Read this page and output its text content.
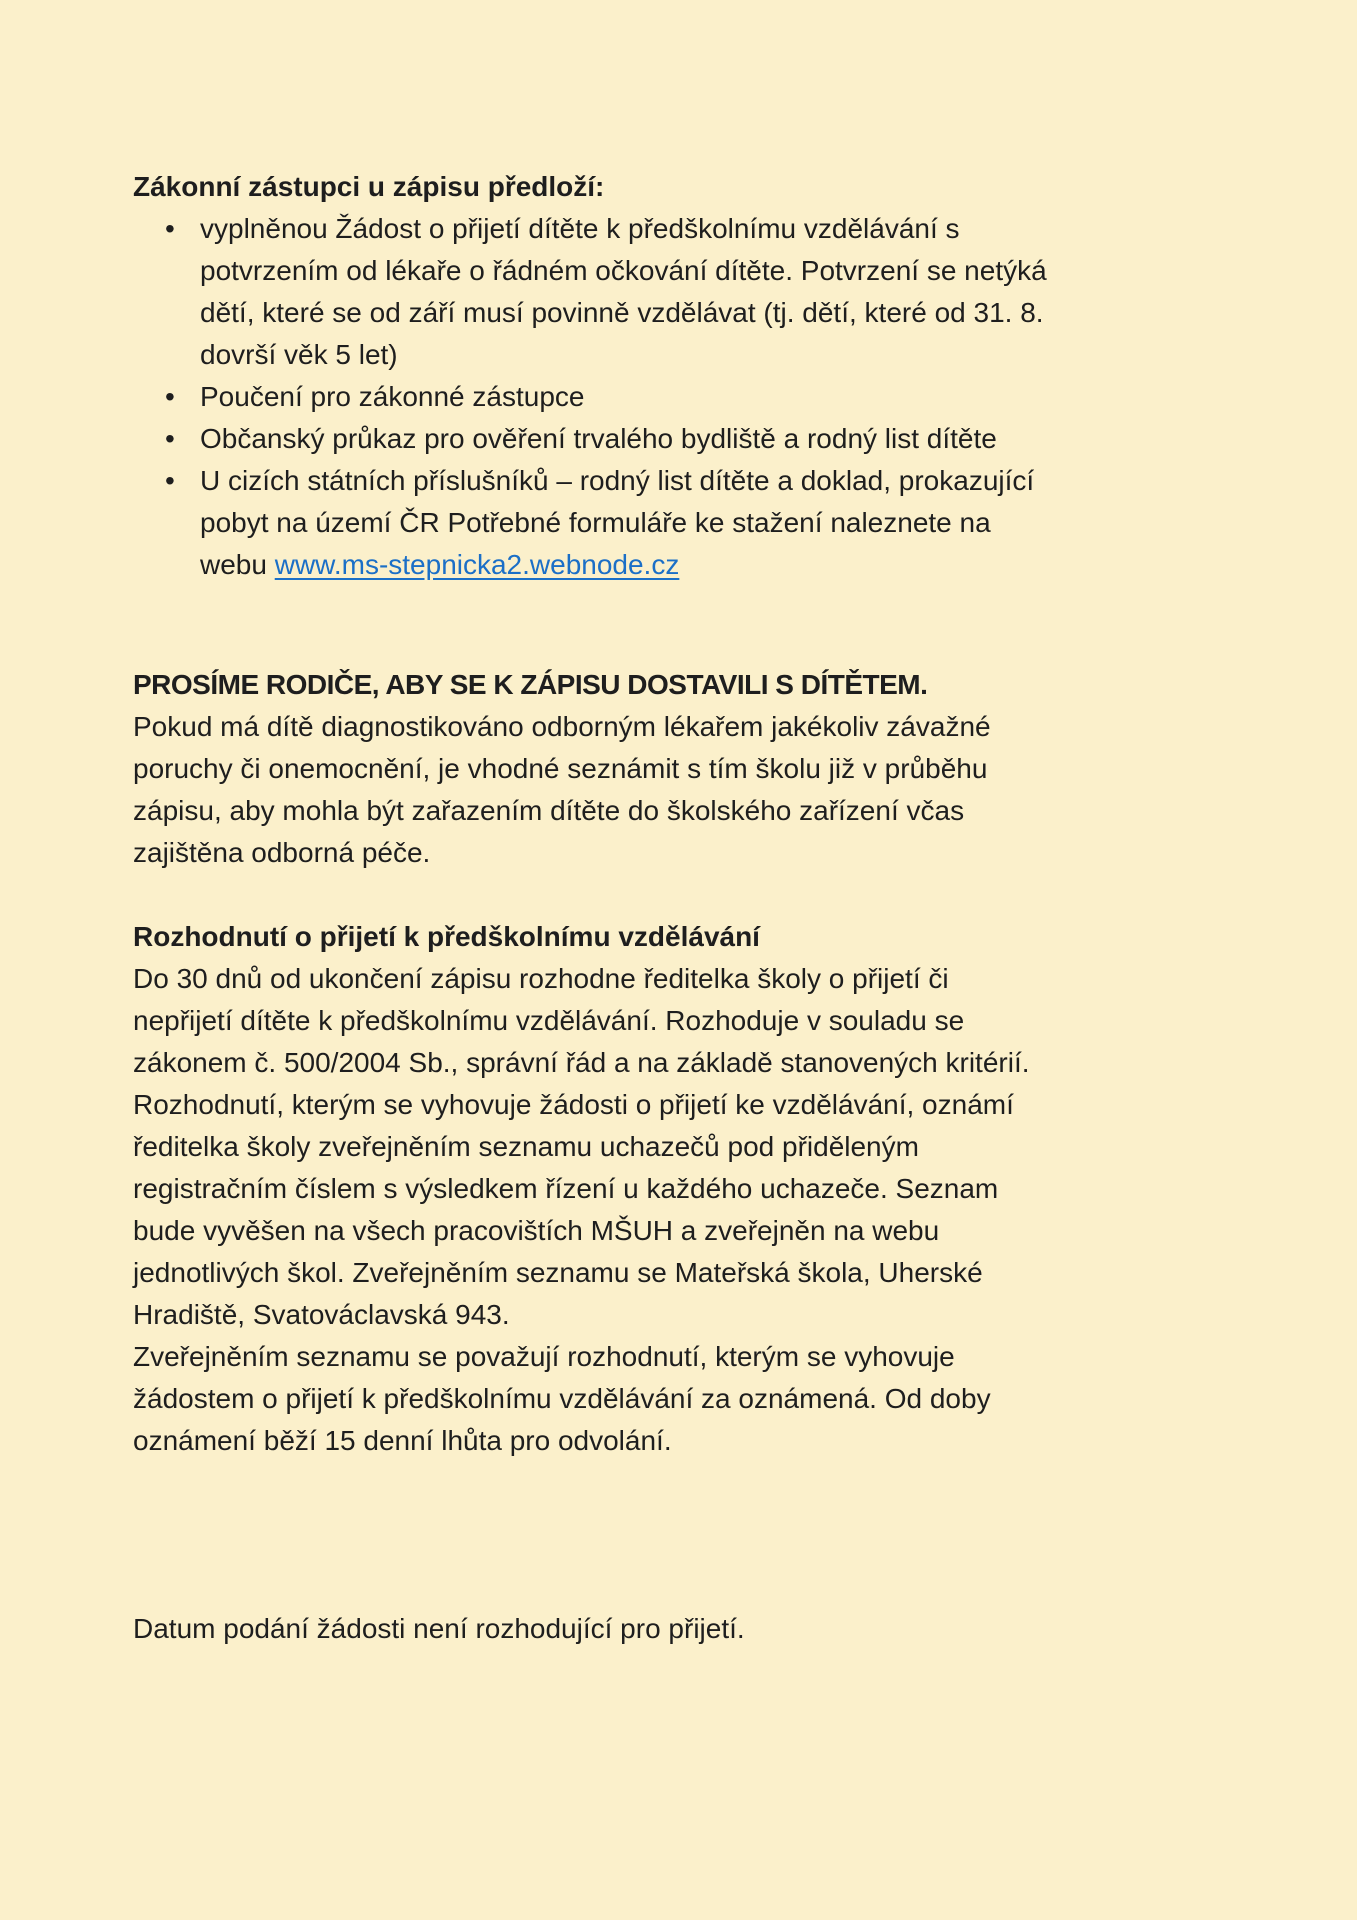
Zákonní zástupci u zápisu předloží:
• vyplněnou Žádost o přijetí dítěte k předškolnímu vzdělávání s potvrzením od lékaře o řádném očkování dítěte. Potvrzení se netýká dětí, které se od září musí povinně vzdělávat (tj. dětí, které od 31. 8. dovrší věk 5 let)
• Poučení pro zákonné zástupce
• Občanský průkaz pro ověření trvalého bydliště a rodný list dítěte
• U cizích státních příslušníků – rodný list dítěte a doklad, prokazující pobyt na území ČR Potřebné formuláře ke stažení naleznete na webu www.ms-stepnicka2.webnode.cz
PROSÍME RODIČE, ABY SE K ZÁPISU DOSTAVILI S DÍTĚTEM.

Pokud má dítě diagnostikováno odborným lékařem jakékoliv závažné poruchy či onemocnění, je vhodné seznámit s tím školu již v průběhu zápisu, aby mohla být zařazením dítěte do školského zařízení včas zajištěna odborná péče.

Rozhodnutí o přijetí k předškolnímu vzdělávání

Do 30 dnů od ukončení zápisu rozhodne ředitelka školy o přijetí či nepřijetí dítěte k předškolnímu vzdělávání. Rozhoduje v souladu se zákonem č. 500/2004 Sb., správní řád a na základě stanovených kritérií. Rozhodnutí, kterým se vyhovuje žádosti o přijetí ke vzdělávání, oznámí ředitelka školy zveřejněním seznamu uchazečů pod přiděleným registračním číslem s výsledkem řízení u každého uchazeče. Seznam bude vyvěšen na všech pracovištích MŠUH a zveřejněn na webu jednotlivých škol. Zveřejněním seznamu se Mateřská škola, Uherské Hradiště, Svatováclavská 943.

Zveřejněním seznamu se považují rozhodnutí, kterým se vyhovuje žádostem o přijetí k předškolnímu vzdělávání za oznámená. Od doby oznámení běží 15 denní lhůta pro odvolání.

Datum podání žádosti není rozhodující pro přijetí.
